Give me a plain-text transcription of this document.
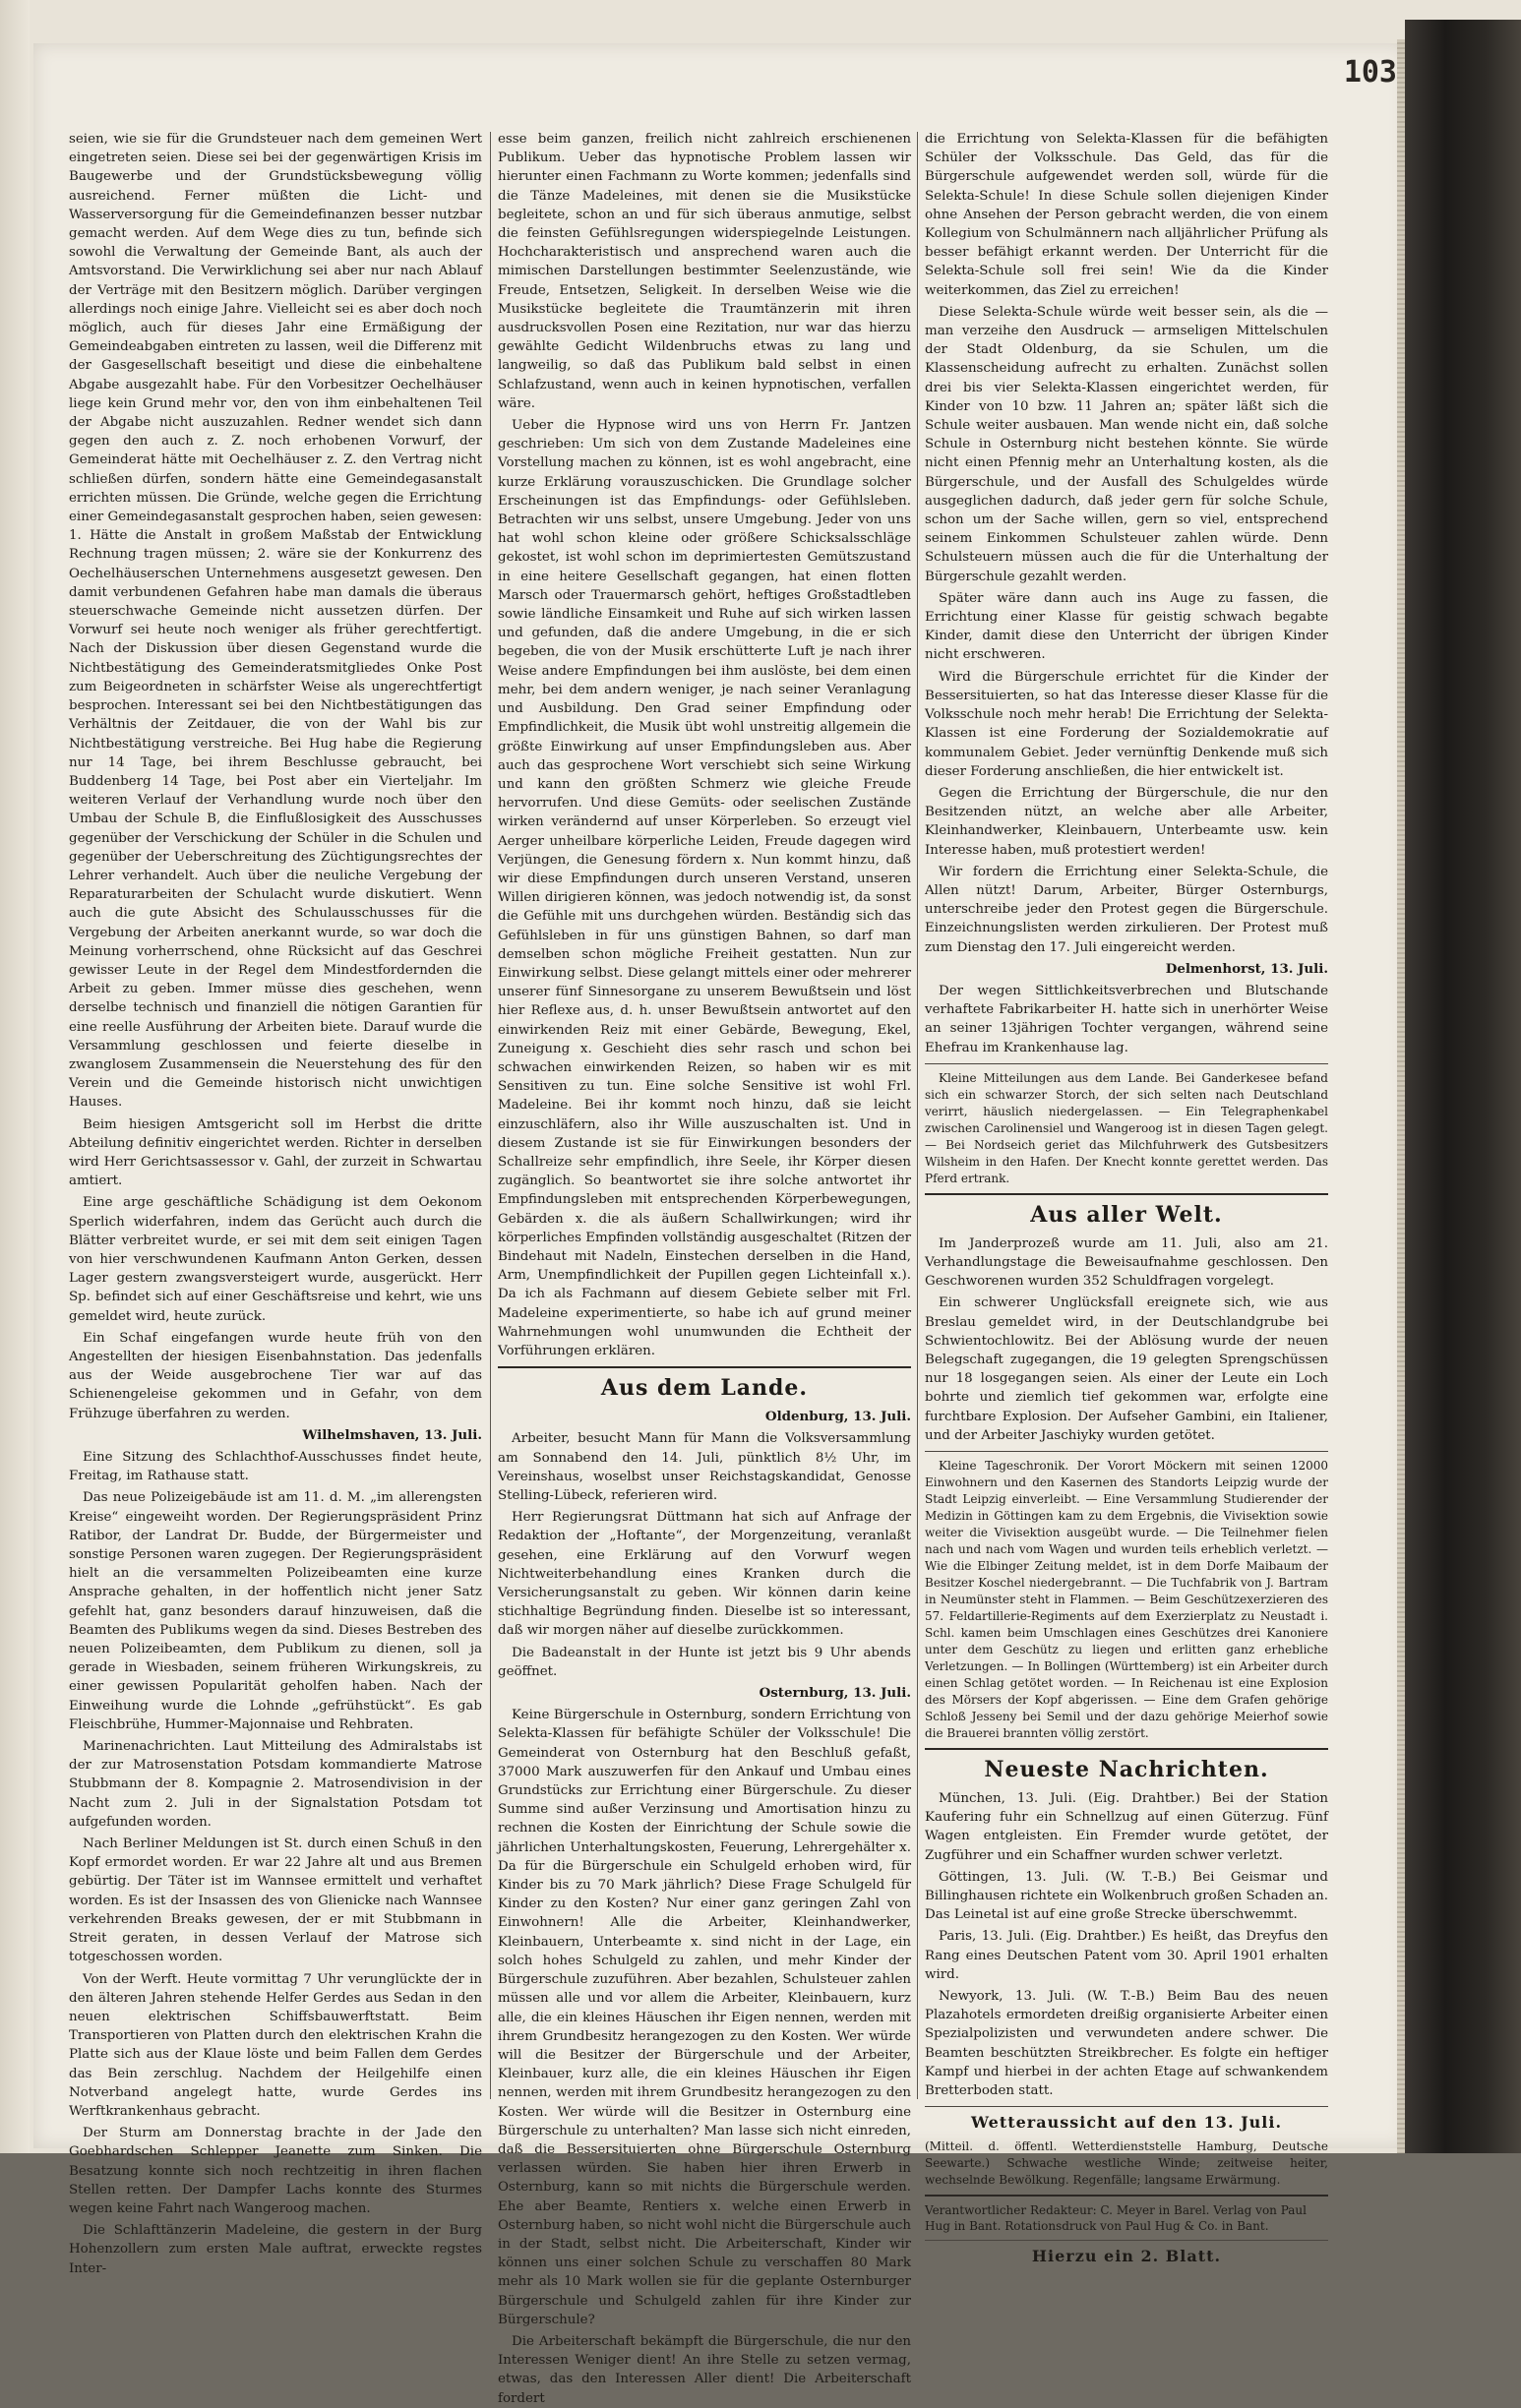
103

seien, wie sie für die Grundsteuer nach dem gemeinen Wert eingetreten seien. Diese sei bei der gegenwärtigen Krisis im Baugewerbe und der Grundstücksbewegung völlig ausreichend. Ferner müßten die Licht- und Wasserversorgung für die Gemeindefinanzen besser nutzbar gemacht werden. Auf dem Wege dies zu tun, befinde sich sowohl die Verwaltung der Gemeinde Bant, als auch der Amtsvorstand. Die Verwirklichung sei aber nur nach Ablauf der Verträge mit den Besitzern möglich. Darüber vergingen allerdings noch einige Jahre. Vielleicht sei es aber doch noch möglich, auch für dieses Jahr eine Ermäßigung der Gemeindeabgaben eintreten zu lassen, weil die Differenz mit der Gasgesellschaft beseitigt und diese die einbehaltene Abgabe ausgezahlt habe. Für den Vorbesitzer Oechelhäuser liege kein Grund mehr vor, den von ihm einbehaltenen Teil der Abgabe nicht auszuzahlen. Redner wendet sich dann gegen den auch z. Z. noch erhobenen Vorwurf, der Gemeinderat hätte mit Oechelhäuser z. Z. den Vertrag nicht schließen dürfen, sondern hätte eine Gemeindegasanstalt errichten müssen. Die Gründe, welche gegen die Errichtung einer Gemeindegasanstalt gesprochen haben, seien gewesen: 1. Hätte die Anstalt in großem Maßstab der Entwicklung Rechnung tragen müssen; 2. wäre sie der Konkurrenz des Oechelhäuserschen Unternehmens ausgesetzt gewesen. Den damit verbundenen Gefahren habe man damals die überaus steuerschwache Gemeinde nicht aussetzen dürfen. Der Vorwurf sei heute noch weniger als früher gerechtfertigt. Nach der Diskussion über diesen Gegenstand wurde die Nichtbestätigung des Gemeinderatsmitgliedes Onke Post zum Beigeordneten in schärfster Weise als ungerechtfertigt besprochen. Interessant sei bei den Nichtbestätigungen das Verhältnis der Zeitdauer, die von der Wahl bis zur Nichtbestätigung verstreiche. Bei Hug habe die Regierung nur 14 Tage, bei ihrem Beschlusse gebraucht, bei Buddenberg 14 Tage, bei Post aber ein Vierteljahr. Im weiteren Verlauf der Verhandlung wurde noch über den Umbau der Schule B, die Einflußlosigkeit des Ausschusses gegenüber der Verschickung der Schüler in die Schulen und gegenüber der Ueberschreitung des Züchtigungsrechtes der Lehrer verhandelt. Auch über die neuliche Vergebung der Reparaturarbeiten der Schulacht wurde diskutiert. Wenn auch die gute Absicht des Schulausschusses für die Vergebung der Arbeiten anerkannt wurde, so war doch die Meinung vorherrschend, ohne Rücksicht auf das Geschrei gewisser Leute in der Regel dem Mindestfordernden die Arbeit zu geben. Immer müsse dies geschehen, wenn derselbe technisch und finanziell die nötigen Garantien für eine reelle Ausführung der Arbeiten biete. Darauf wurde die Versammlung geschlossen und feierte dieselbe in zwanglosem Zusammensein die Neuerstehung des für den Verein und die Gemeinde historisch nicht unwichtigen Hauses.

Beim hiesigen Amtsgericht soll im Herbst die dritte Abteilung definitiv eingerichtet werden. Richter in derselben wird Herr Gerichtsassessor v. Gahl, der zurzeit in Schwartau amtiert.

Eine arge geschäftliche Schädigung ist dem Oekonom Sperlich widerfahren, indem das Gerücht auch durch die Blätter verbreitet wurde, er sei mit dem seit einigen Tagen von hier verschwundenen Kaufmann Anton Gerken, dessen Lager gestern zwangsversteigert wurde, ausgerückt. Herr Sp. befindet sich auf einer Geschäftsreise und kehrt, wie uns gemeldet wird, heute zurück.

Ein Schaf eingefangen wurde heute früh von den Angestellten der hiesigen Eisenbahnstation. Das jedenfalls aus der Weide ausgebrochene Tier war auf das Schienengeleise gekommen und in Gefahr, von dem Frühzuge überfahren zu werden.

Wilhelmshaven, 13. Juli.

Eine Sitzung des Schlachthof-Ausschusses findet heute, Freitag, im Rathause statt.

Das neue Polizeigebäude ist am 11. d. M. „im allerengsten Kreise“ eingeweiht worden. Der Regierungspräsident Prinz Ratibor, der Landrat Dr. Budde, der Bürgermeister und sonstige Personen waren zugegen. Der Regierungspräsident hielt an die versammelten Polizeibeamten eine kurze Ansprache gehalten, in der hoffentlich nicht jener Satz gefehlt hat, ganz besonders darauf hinzuweisen, daß die Beamten des Publikums wegen da sind. Dieses Bestreben des neuen Polizeibeamten, dem Publikum zu dienen, soll ja gerade in Wiesbaden, seinem früheren Wirkungskreis, zu einer gewissen Popularität geholfen haben. Nach der Einweihung wurde die Lohnde „gefrühstückt“. Es gab Fleischbrühe, Hummer-Majonnaise und Rehbraten.

Marinenachrichten. Laut Mitteilung des Admiralstabs ist der zur Matrosenstation Potsdam kommandierte Matrose Stubbmann der 8. Kompagnie 2. Matrosendivision in der Nacht zum 2. Juli in der Signalstation Potsdam tot aufgefunden worden.

Nach Berliner Meldungen ist St. durch einen Schuß in den Kopf ermordet worden. Er war 22 Jahre alt und aus Bremen gebürtig. Der Täter ist im Wannsee ermittelt und verhaftet worden. Es ist der Insassen des von Glienicke nach Wannsee verkehrenden Breaks gewesen, der er mit Stubbmann in Streit geraten, in dessen Verlauf der Matrose sich totgeschossen worden.

Von der Werft. Heute vormittag 7 Uhr verunglückte der in den älteren Jahren stehende Helfer Gerdes aus Sedan in den neuen elektrischen Schiffsbauwerftstatt. Beim Transportieren von Platten durch den elektrischen Krahn die Platte sich aus der Klaue löste und beim Fallen dem Gerdes das Bein zerschlug. Nachdem der Heilgehilfe einen Notverband angelegt hatte, wurde Gerdes ins Werftkrankenhaus gebracht.

Der Sturm am Donnerstag brachte in der Jade den Goebhardschen Schlepper Jeanette zum Sinken. Die Besatzung konnte sich noch rechtzeitig in ihren flachen Stellen retten. Der Dampfer Lachs konnte des Sturmes wegen keine Fahrt nach Wangeroog machen.

Die Schlafttänzerin Madeleine, die gestern in der Burg Hohenzollern zum ersten Male auftrat, erweckte regstes Inter-

esse beim ganzen, freilich nicht zahlreich erschienenen Publikum. Ueber das hypnotische Problem lassen wir hierunter einen Fachmann zu Worte kommen; jedenfalls sind die Tänze Madeleines, mit denen sie die Musikstücke begleitete, schon an und für sich überaus anmutige, selbst die feinsten Gefühlsregungen widerspiegelnde Leistungen. Hochcharakteristisch und ansprechend waren auch die mimischen Darstellungen bestimmter Seelenzustände, wie Freude, Entsetzen, Seligkeit. In derselben Weise wie die Musikstücke begleitete die Traumtänzerin mit ihren ausdrucksvollen Posen eine Rezitation, nur war das hierzu gewählte Gedicht Wildenbruchs etwas zu lang und langweilig, so daß das Publikum bald selbst in einen Schlafzustand, wenn auch in keinen hypnotischen, verfallen wäre.

Ueber die Hypnose wird uns von Herrn Fr. Jantzen geschrieben: Um sich von dem Zustande Madeleines eine Vorstellung machen zu können, ist es wohl angebracht, eine kurze Erklärung vorauszuschicken. Die Grundlage solcher Erscheinungen ist das Empfindungs- oder Gefühlsleben. Betrachten wir uns selbst, unsere Umgebung. Jeder von uns hat wohl schon kleine oder größere Schicksalsschläge gekostet, ist wohl schon im deprimiertesten Gemütszustand in eine heitere Gesellschaft gegangen, hat einen flotten Marsch oder Trauermarsch gehört, heftiges Großstadtleben sowie ländliche Einsamkeit und Ruhe auf sich wirken lassen und gefunden, daß die andere Umgebung, in die er sich begeben, die von der Musik erschütterte Luft je nach ihrer Weise andere Empfindungen bei ihm auslöste, bei dem einen mehr, bei dem andern weniger, je nach seiner Veranlagung und Ausbildung. Den Grad seiner Empfindung oder Empfindlichkeit, die Musik übt wohl unstreitig allgemein die größte Einwirkung auf unser Empfindungsleben aus. Aber auch das gesprochene Wort verschiebt sich seine Wirkung und kann den größten Schmerz wie gleiche Freude hervorrufen. Und diese Gemüts- oder seelischen Zustände wirken verändernd auf unser Körperleben. So erzeugt viel Aerger unheilbare körperliche Leiden, Freude dagegen wird Verjüngen, die Genesung fördern x. Nun kommt hinzu, daß wir diese Empfindungen durch unseren Verstand, unseren Willen dirigieren können, was jedoch notwendig ist, da sonst die Gefühle mit uns durchgehen würden. Beständig sich das Gefühlsleben in für uns günstigen Bahnen, so darf man demselben schon mögliche Freiheit gestatten. Nun zur Einwirkung selbst. Diese gelangt mittels einer oder mehrerer unserer fünf Sinnesorgane zu unserem Bewußtsein und löst hier Reflexe aus, d. h. unser Bewußtsein antwortet auf den einwirkenden Reiz mit einer Gebärde, Bewegung, Ekel, Zuneigung x. Geschieht dies sehr rasch und schon bei schwachen einwirkenden Reizen, so haben wir es mit Sensitiven zu tun. Eine solche Sensitive ist wohl Frl. Madeleine. Bei ihr kommt noch hinzu, daß sie leicht einzuschläfern, also ihr Wille auszuschalten ist. Und in diesem Zustande ist sie für Einwirkungen besonders der Schallreize sehr empfindlich, ihre Seele, ihr Körper diesen zugänglich. So beantwortet sie ihre solche antwortet ihr Empfindungsleben mit entsprechenden Körperbewegungen, Gebärden x. die als äußern Schallwirkungen; wird ihr körperliches Empfinden vollständig ausgeschaltet (Ritzen der Bindehaut mit Nadeln, Einstechen derselben in die Hand, Arm, Unempfindlichkeit der Pupillen gegen Lichteinfall x.). Da ich als Fachmann auf diesem Gebiete selber mit Frl. Madeleine experimentierte, so habe ich auf grund meiner Wahrnehmungen wohl unumwunden die Echtheit der Vorführungen erklären.

Aus dem Lande.

Oldenburg, 13. Juli.

Arbeiter, besucht Mann für Mann die Volksversammlung am Sonnabend den 14. Juli, pünktlich 8½ Uhr, im Vereinshaus, woselbst unser Reichstagskandidat, Genosse Stelling-Lübeck, referieren wird.

Herr Regierungsrat Düttmann hat sich auf Anfrage der Redaktion der „Hoftante“, der Morgenzeitung, veranlaßt gesehen, eine Erklärung auf den Vorwurf wegen Nichtweiterbehandlung eines Kranken durch die Versicherungsanstalt zu geben. Wir können darin keine stichhaltige Begründung finden. Dieselbe ist so interessant, daß wir morgen näher auf dieselbe zurückkommen.

Die Badeanstalt in der Hunte ist jetzt bis 9 Uhr abends geöffnet.

Osternburg, 13. Juli.

Keine Bürgerschule in Osternburg, sondern Errichtung von Selekta-Klassen für befähigte Schüler der Volksschule! Die Gemeinderat von Osternburg hat den Beschluß gefaßt, 37000 Mark auszuwerfen für den Ankauf und Umbau eines Grundstücks zur Errichtung einer Bürgerschule. Zu dieser Summe sind außer Verzinsung und Amortisation hinzu zu rechnen die Kosten der Einrichtung der Schule sowie die jährlichen Unterhaltungskosten, Feuerung, Lehrergehälter x. Da für die Bürgerschule ein Schulgeld erhoben wird, für Kinder bis zu 70 Mark jährlich? Diese Frage Schulgeld für Kinder zu den Kosten? Nur einer ganz geringen Zahl von Einwohnern! Alle die Arbeiter, Kleinhandwerker, Kleinbauern, Unterbeamte x. sind nicht in der Lage, ein solch hohes Schulgeld zu zahlen, und mehr Kinder der Bürgerschule zuzuführen. Aber bezahlen, Schulsteuer zahlen müssen alle und vor allem die Arbeiter, Kleinbauern, kurz alle, die ein kleines Häuschen ihr Eigen nennen, werden mit ihrem Grundbesitz herangezogen zu den Kosten. Wer würde will die Besitzer der Bürgerschule und der Arbeiter, Kleinbauer, kurz alle, die ein kleines Häuschen ihr Eigen nennen, werden mit ihrem Grundbesitz herangezogen zu den Kosten. Wer würde will die Besitzer in Osternburg eine Bürgerschule zu unterhalten? Man lasse sich nicht einreden, daß die Bessersituierten ohne Bürgerschule Osternburg verlassen würden. Sie haben hier ihren Erwerb in Osternburg, kann so mit nichts die Bürgerschule werden. Ehe aber Beamte, Rentiers x. welche einen Erwerb in Osternburg haben, so nicht wohl nicht die Bürgerschule auch in der Stadt, selbst nicht. Die Arbeiterschaft, Kinder wir können uns einer solchen Schule zu verschaffen 80 Mark mehr als 10 Mark wollen sie für die geplante Osternburger Bürgerschule und Schulgeld zahlen für ihre Kinder zur Bürgerschule?

Die Arbeiterschaft bekämpft die Bürgerschule, die nur den Interessen Weniger dient! An ihre Stelle zu setzen vermag, etwas, das den Interessen Aller dient! Die Arbeiterschaft fordert

die Errichtung von Selekta-Klassen für die befähigten Schüler der Volksschule. Das Geld, das für die Bürgerschule aufgewendet werden soll, würde für die Selekta-Schule! In diese Schule sollen diejenigen Kinder ohne Ansehen der Person gebracht werden, die von einem Kollegium von Schulmännern nach alljährlicher Prüfung als besser befähigt erkannt werden. Der Unterricht für die Selekta-Schule soll frei sein! Wie da die Kinder weiterkommen, das Ziel zu erreichen!

Diese Selekta-Schule würde weit besser sein, als die — man verzeihe den Ausdruck — armseligen Mittelschulen der Stadt Oldenburg, da sie Schulen, um die Klassenscheidung aufrecht zu erhalten. Zunächst sollen drei bis vier Selekta-Klassen eingerichtet werden, für Kinder von 10 bzw. 11 Jahren an; später läßt sich die Schule weiter ausbauen. Man wende nicht ein, daß solche Schule in Osternburg nicht bestehen könnte. Sie würde nicht einen Pfennig mehr an Unterhaltung kosten, als die Bürgerschule, und der Ausfall des Schulgeldes würde ausgeglichen dadurch, daß jeder gern für solche Schule, schon um der Sache willen, gern so viel, entsprechend seinem Einkommen Schulsteuer zahlen würde. Denn Schulsteuern müssen auch die für die Unterhaltung der Bürgerschule gezahlt werden.

Später wäre dann auch ins Auge zu fassen, die Errichtung einer Klasse für geistig schwach begabte Kinder, damit diese den Unterricht der übrigen Kinder nicht erschweren.

Wird die Bürgerschule errichtet für die Kinder der Bessersituierten, so hat das Interesse dieser Klasse für die Volksschule noch mehr herab! Die Errichtung der Selekta-Klassen ist eine Forderung der Sozialdemokratie auf kommunalem Gebiet. Jeder vernünftig Denkende muß sich dieser Forderung anschließen, die hier entwickelt ist.

Gegen die Errichtung der Bürgerschule, die nur den Besitzenden nützt, an welche aber alle Arbeiter, Kleinhandwerker, Kleinbauern, Unterbeamte usw. kein Interesse haben, muß protestiert werden!

Wir fordern die Errichtung einer Selekta-Schule, die Allen nützt! Darum, Arbeiter, Bürger Osternburgs, unterschreibe jeder den Protest gegen die Bürgerschule. Einzeichnungslisten werden zirkulieren. Der Protest muß zum Dienstag den 17. Juli eingereicht werden.

Delmenhorst, 13. Juli.

Der wegen Sittlichkeitsverbrechen und Blutschande verhaftete Fabrikarbeiter H. hatte sich in unerhörter Weise an seiner 13jährigen Tochter vergangen, während seine Ehefrau im Krankenhause lag.

Kleine Mitteilungen aus dem Lande. Bei Ganderkesee befand sich ein schwarzer Storch, der sich selten nach Deutschland verirrt, häuslich niedergelassen. — Ein Telegraphenkabel zwischen Carolinensiel und Wangeroog ist in diesen Tagen gelegt. — Bei Nordseich geriet das Milchfuhrwerk des Gutsbesitzers Wilsheim in den Hafen. Der Knecht konnte gerettet werden. Das Pferd ertrank.

Aus aller Welt.

Im Janderprozeß wurde am 11. Juli, also am 21. Verhandlungstage die Beweisaufnahme geschlossen. Den Geschworenen wurden 352 Schuldfragen vorgelegt.

Ein schwerer Unglücksfall ereignete sich, wie aus Breslau gemeldet wird, in der Deutschlandgrube bei Schwientochlowitz. Bei der Ablösung wurde der neuen Belegschaft zugegangen, die 19 gelegten Sprengschüssen nur 18 losgegangen seien. Als einer der Leute ein Loch bohrte und ziemlich tief gekommen war, erfolgte eine furchtbare Explosion. Der Aufseher Gambini, ein Italiener, und der Arbeiter Jaschiyky wurden getötet.

Kleine Tageschronik. Der Vorort Möckern mit seinen 12000 Einwohnern und den Kasernen des Standorts Leipzig wurde der Stadt Leipzig einverleibt. — Eine Versammlung Studierender der Medizin in Göttingen kam zu dem Ergebnis, die Vivisektion sowie weiter die Vivisektion ausgeübt wurde. — Die Teilnehmer fielen nach und nach vom Wagen und wurden teils erheblich verletzt. — Wie die Elbinger Zeitung meldet, ist in dem Dorfe Maibaum der Besitzer Koschel niedergebrannt. — Die Tuchfabrik von J. Bartram in Neumünster steht in Flammen. — Beim Geschützexerzieren des 57. Feldartillerie-Regiments auf dem Exerzierplatz zu Neustadt i. Schl. kamen beim Umschlagen eines Geschützes drei Kanoniere unter dem Geschütz zu liegen und erlitten ganz erhebliche Verletzungen. — In Bollingen (Württemberg) ist ein Arbeiter durch einen Schlag getötet worden. — In Reichenau ist eine Explosion des Mörsers der Kopf abgerissen. — Eine dem Grafen gehörige Schloß Jesseny bei Semil und der dazu gehörige Meierhof sowie die Brauerei brannten völlig zerstört.

Neueste Nachrichten.

München, 13. Juli. (Eig. Drahtber.) Bei der Station Kaufering fuhr ein Schnellzug auf einen Güterzug. Fünf Wagen entgleisten. Ein Fremder wurde getötet, der Zugführer und ein Schaffner wurden schwer verletzt.

Göttingen, 13. Juli. (W. T.-B.) Bei Geismar und Billinghausen richtete ein Wolkenbruch großen Schaden an. Das Leinetal ist auf eine große Strecke überschwemmt.

Paris, 13. Juli. (Eig. Drahtber.) Es heißt, das Dreyfus den Rang eines Deutschen Patent vom 30. April 1901 erhalten wird.

Newyork, 13. Juli. (W. T.-B.) Beim Bau des neuen Plazahotels ermordeten dreißig organisierte Arbeiter einen Spezialpolizisten und verwundeten andere schwer. Die Beamten beschützten Streikbrecher. Es folgte ein heftiger Kampf und hierbei in der achten Etage auf schwankendem Bretterboden statt.

Wetteraussicht auf den 13. Juli.

(Mitteil. d. öffentl. Wetterdienststelle Hamburg, Deutsche Seewarte.) Schwache westliche Winde; zeitweise heiter, wechselnde Bewölkung. Regenfälle; langsame Erwärmung.

Verantwortlicher Redakteur: C. Meyer in Barel. Verlag von Paul Hug in Bant. Rotationsdruck von Paul Hug & Co. in Bant.

Hierzu ein 2. Blatt.
